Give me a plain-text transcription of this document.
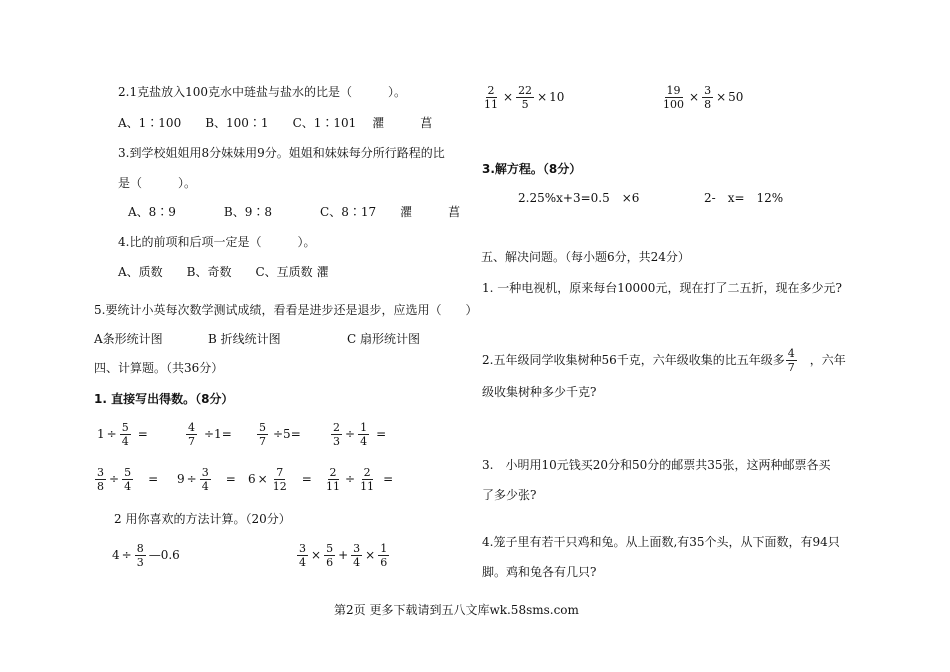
2.1克盐放入100克水中琏盐与盐水的比是（　　　）。
A、1∶100　　B、100∶1　　C、1∶101 灈　　　菖
3.到学校姐姐用8分妹妹用9分。姐姐和妹妹每分所行路程的比
是（　　　）。
A、8∶9　　　　B、9∶8　　　　C、8∶17 灈　　　菖
4.比的前项和后项一定是（　　　）。
A、质数　　B、奇数　　C、互质数 灈
5.要统计小英每次数学测试成绩，看看是进步还是退步，应选用（　　）
A条形统计图	B 折线统计图	C 扇形统计图
四、计算题。（共36分）
1. 直接写出得数。（8分）
$1 \div \frac{5}{4}$ =	$\frac{4}{7} \div 1= \frac{5}{7} \div 5=$	$\frac{2}{3} \div \frac{1}{4}$ =
$\frac{3}{8} \div \frac{5}{4} = 9 \div \frac{3}{4} = 6 \times \frac{7}{12} = \frac{2}{11} \div \frac{2}{11}$ =
2 用你喜欢的方法计算。（20分）
$4 \div \frac{8}{3}$ —0.6	$\frac{3}{4} \times \frac{5}{6} + \frac{3}{4} \times \frac{1}{6}$
$\frac{2}{11} \times \frac{22}{5} \times 10$	$\frac{19}{100} \times \frac{3}{8} \times 50$
3.解方程。（8分）
2.25%x+3=0.5　×6	2-　x=　12%
五、解决问题。（每小题6分，共24分）
1. 一种电视机，原来每台10000元，现在打了二五折，现在多少元?
2.五年级同学收集树种56千克，六年级收集的比五年级多 $\frac{4}{7}$ ，六年
级收集树种多少千克?
3.　小明用10元钱买20分和50分的邮票共35张，这两种邮票各买
了多少张?
4.笼子里有若干只鸡和兔。从上面数,有35个头，从下面数，有94只
脚。鸡和兔各有几只?
第2页 更多下载请到五八文库wk.58sms.com
